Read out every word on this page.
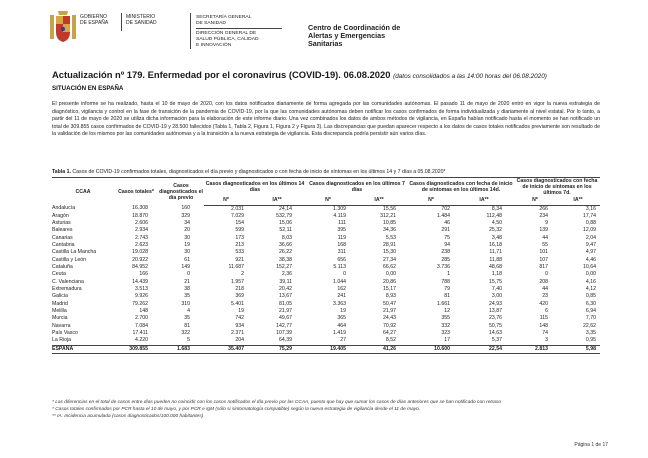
GOBIERNO
DE ESPAÑA
MINISTERIO
DE SANIDAD
SECRETARÍA GENERAL
DE SANIDAD
DIRECCIÓN GENERAL DE
SALUD PÚBLICA, CALIDAD
E INNOVACIÓN
Centro de Coordinación de
Alertas y Emergencias
Sanitarias
Actualización nº 179. Enfermedad por el coronavirus (COVID-19). 06.08.2020 (datos consolidados a las 14:00 horas del 06.08.2020)
SITUACIÓN EN ESPAÑA

El presente informe se ha realizado, hasta el 10 de mayo de 2020, con los datos notificados diariamente de forma agregada por las comunidades autónomas. El pasado 11 de mayo de 2020 entró en vigor la nueva estrategia de diagnóstico, vigilancia y control en la fase de transición de la pandemia de COVID-19, por la que las comunidades autónomas deben notificar los casos confirmados de forma individualizada y diariamente al nivel estatal. Por lo tanto, a partir del 11 de mayo de 2020 se utiliza dicha información para la elaboración de este informe diario. Una vez combinados los datos de ambos métodos de vigilancia, en España habían notificado hasta el momento se han notificado un total de 309.855 casos confirmados de COVID-19 y 28.500 fallecidos (Tabla 1, Tabla 2, Figura 1, Figura 2 y Figura 3). Las discrepancias que puedan aparecer respecto a los datos de casos totales notificados previamente son resultado de la validación de los mismos por las comunidades autónomas y a la transición a la nueva estrategia de vigilancia. Esta discrepancia podría persistir aún varios días.

Tabla 1. Casos de COVID-19 confirmados totales, diagnosticados el día previo y diagnosticados o con fecha de inicio de síntomas en los últimos 14 y 7 días a 05.08.2020*
CCAA	Casos totales*	Casos diagnosticados el día previo	Casos diagnosticados en los últimos 14 días		Casos diagnosticados en los últimos 7 días		Casos diagnosticados con fecha de inicio de síntomas en los últimos 14d.		Casos diagnosticados con fecha de inicio de síntomas en los últimos 7d.	
			Nº	IA**	Nº	IA**	Nº	IA**	Nº	IA**
Andalucía	16.308	160	2.031	24,14	1.309	15,56	702	8,34	266	3,16
Aragón	18.870	329	7.029	532,79	4.119	312,21	1.484	112,48	234	17,74
Asturias	2.606	34	154	15,06	111	10,85	46	4,50	9	0,88
Baleares	2.934	20	599	52,11	395	34,36	291	25,32	139	12,09
Canarias	2.743	30	173	8,03	119	5,53	75	3,48	44	2,04
Cantabria	2.623	19	213	36,66	168	28,91	94	16,18	55	9,47
Castilla La Mancha	19.028	30	533	26,22	311	15,30	238	11,71	101	4,97
Castilla y León	20.922	61	921	38,38	656	27,34	285	11,88	107	4,46
Cataluña	84.952	149	11.687	152,27	5.113	66,62	3.736	48,68	817	10,64
Ceuta	166	0	2	2,36	0	0,00	1	1,18	0	0,00
C. Valenciana	14.439	21	1.957	39,11	1.044	20,86	788	15,75	208	4,16
Extremadura	3.513	38	218	20,42	162	15,17	79	7,40	44	4,12
Galicia	9.926	35	369	13,67	241	8,93	81	3,00	23	0,85
Madrid	79.262	310	5.401	81,05	3.363	50,47	1.661	24,93	420	6,30
Melilla	148	4	19	21,97	19	21,97	12	13,87	6	6,94
Murcia	2.700	35	742	49,67	365	24,43	355	23,76	115	7,70
Navarra	7.084	81	934	142,77	464	70,92	332	50,75	148	22,62
País Vasco	17.411	322	2.371	107,39	1.419	64,27	323	14,63	74	3,35
La Rioja	4.220	5	204	64,39	27	8,52	17	5,37	3	0,95
ESPAÑA	309.855	1.683	35.407	75,29	19.405	41,26	10.600	22,54	2.813	5,98
* Las diferencias en el total de casos entre días pueden no coincidir con los casos notificados el día previo por las CCAA, puesto que hay que sumar los casos de días anteriores que se han notificado con retraso
* Casos totales confirmados por PCR hasta el 10 de mayo, y por PCR e IgM (sólo si sintomatología compatible) según la nueva estrategia de vigilancia desde el 11 de mayo.
** IA: Incidencia acumulada (casos diagnosticados/100.000 habitantes)
Página 1 de 17
